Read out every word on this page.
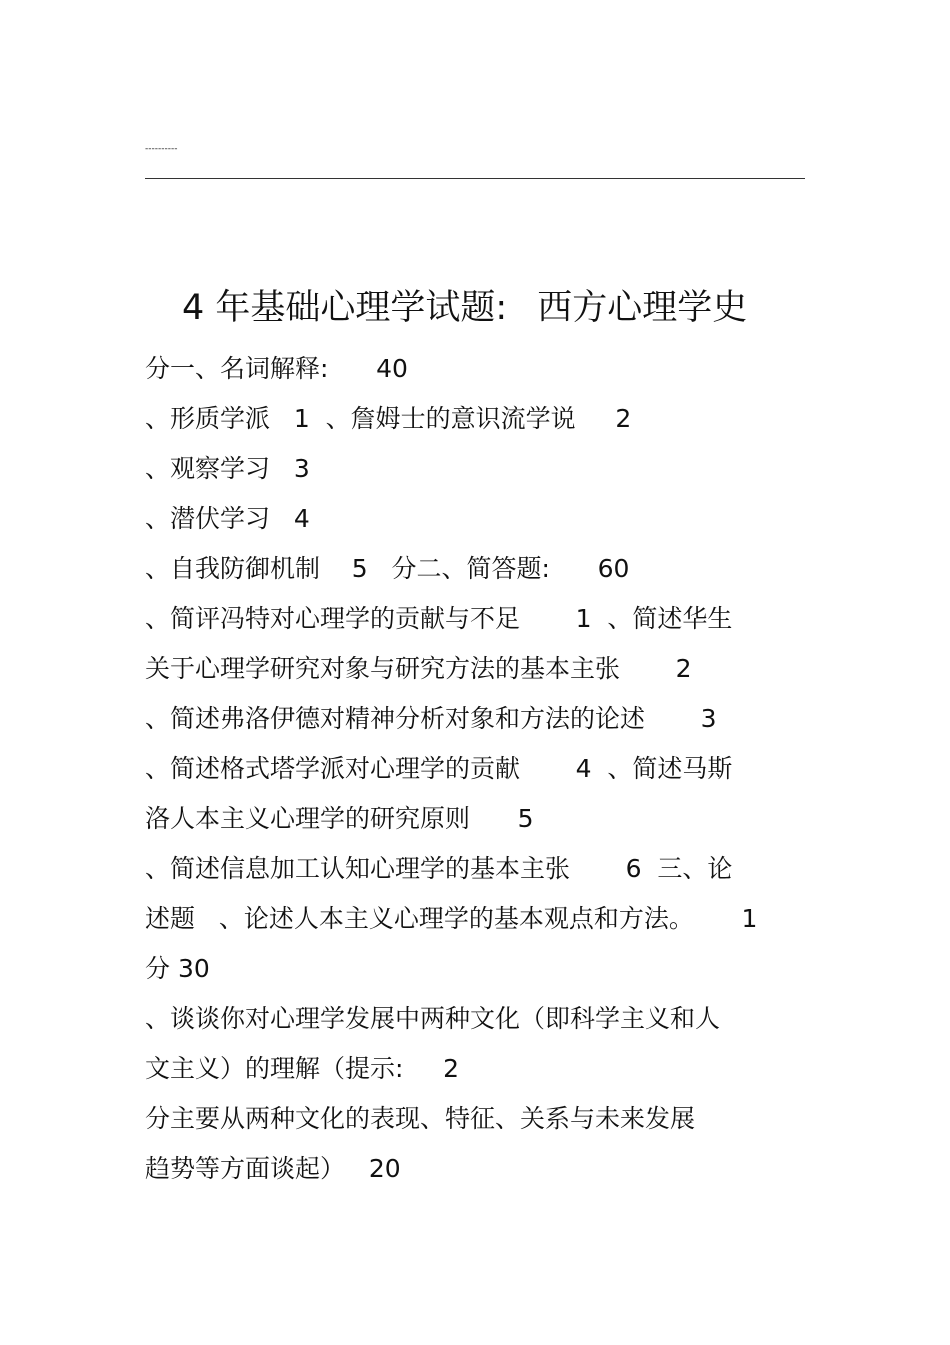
----------
4 年基础心理学试题: 西方心理学史
分一、名词解释:      40
、形质学派   1  、詹姆士的意识流学说     2
、观察学习   3
、潜伏学习   4
、自我防御机制    5   分二、简答题:      60
、简评冯特对心理学的贡献与不足       1  、简述华生
关于心理学研究对象与研究方法的基本主张       2
、简述弗洛伊德对精神分析对象和方法的论述       3
、简述格式塔学派对心理学的贡献       4  、简述马斯
洛人本主义心理学的研究原则      5
、简述信息加工认知心理学的基本主张       6  三、论
述题   、论述人本主义心理学的基本观点和方法。      1
分 30
、谈谈你对心理学发展中两种文化（即科学主义和人
文主义）的理解（提示:     2
分主要从两种文化的表现、特征、关系与未来发展
趋势等方面谈起）   20
